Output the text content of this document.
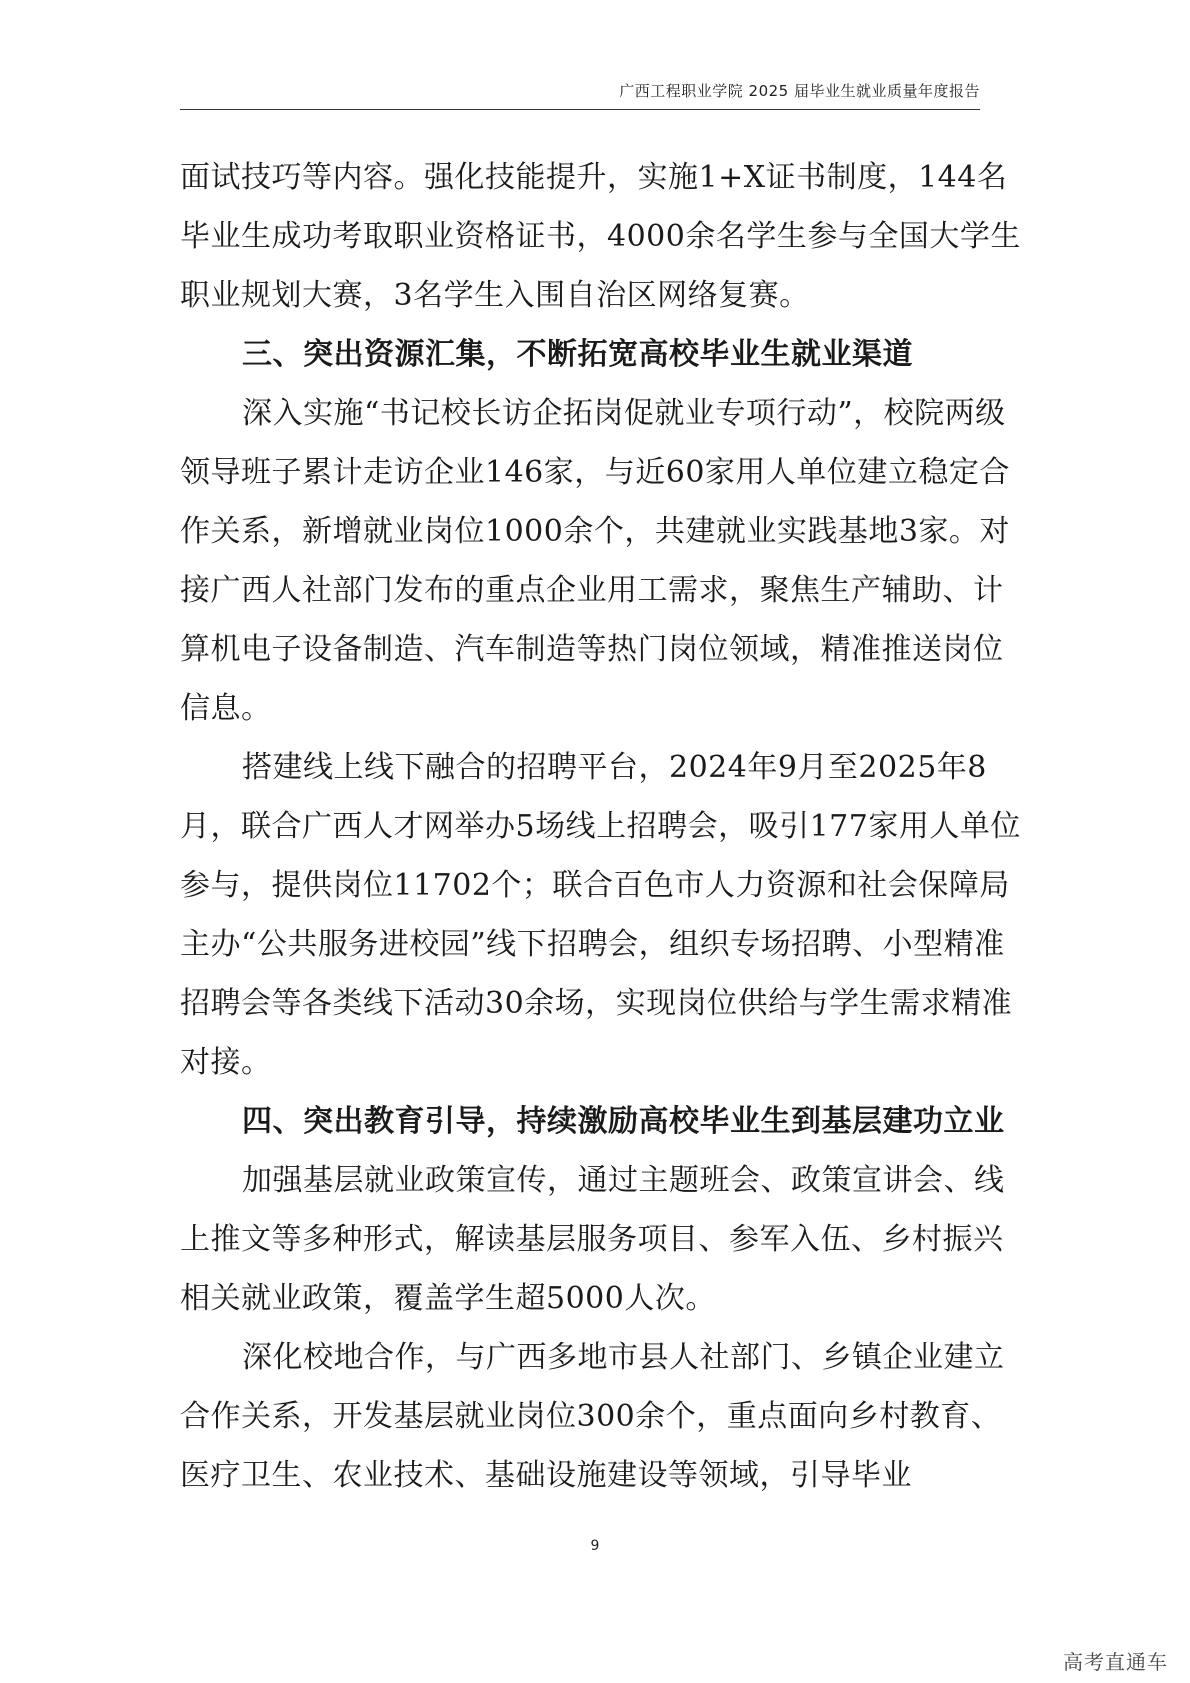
广西工程职业学院 2025 届毕业生就业质量年度报告

面试技巧等内容。强化技能提升，实施1+X证书制度，144名毕业生成功考取职业资格证书，4000余名学生参与全国大学生职业规划大赛，3名学生入围自治区网络复赛。

三、突出资源汇集，不断拓宽高校毕业生就业渠道

深入实施“书记校长访企拓岗促就业专项行动”，校院两级领导班子累计走访企业146家，与近60家用人单位建立稳定合作关系，新增就业岗位1000余个，共建就业实践基地3家。对接广西人社部门发布的重点企业用工需求，聚焦生产辅助、计算机电子设备制造、汽车制造等热门岗位领域，精准推送岗位信息。

搭建线上线下融合的招聘平台，2024年9月至2025年8月，联合广西人才网举办5场线上招聘会，吸引177家用人单位参与，提供岗位11702个；联合百色市人力资源和社会保障局主办“公共服务进校园”线下招聘会，组织专场招聘、小型精准招聘会等各类线下活动30余场，实现岗位供给与学生需求精准对接。

四、突出教育引导，持续激励高校毕业生到基层建功立业

加强基层就业政策宣传，通过主题班会、政策宣讲会、线上推文等多种形式，解读基层服务项目、参军入伍、乡村振兴相关就业政策，覆盖学生超5000人次。

深化校地合作，与广西多地市县人社部门、乡镇企业建立合作关系，开发基层就业岗位300余个，重点面向乡村教育、医疗卫生、农业技术、基础设施建设等领域，引导毕业

9
高考直通车
